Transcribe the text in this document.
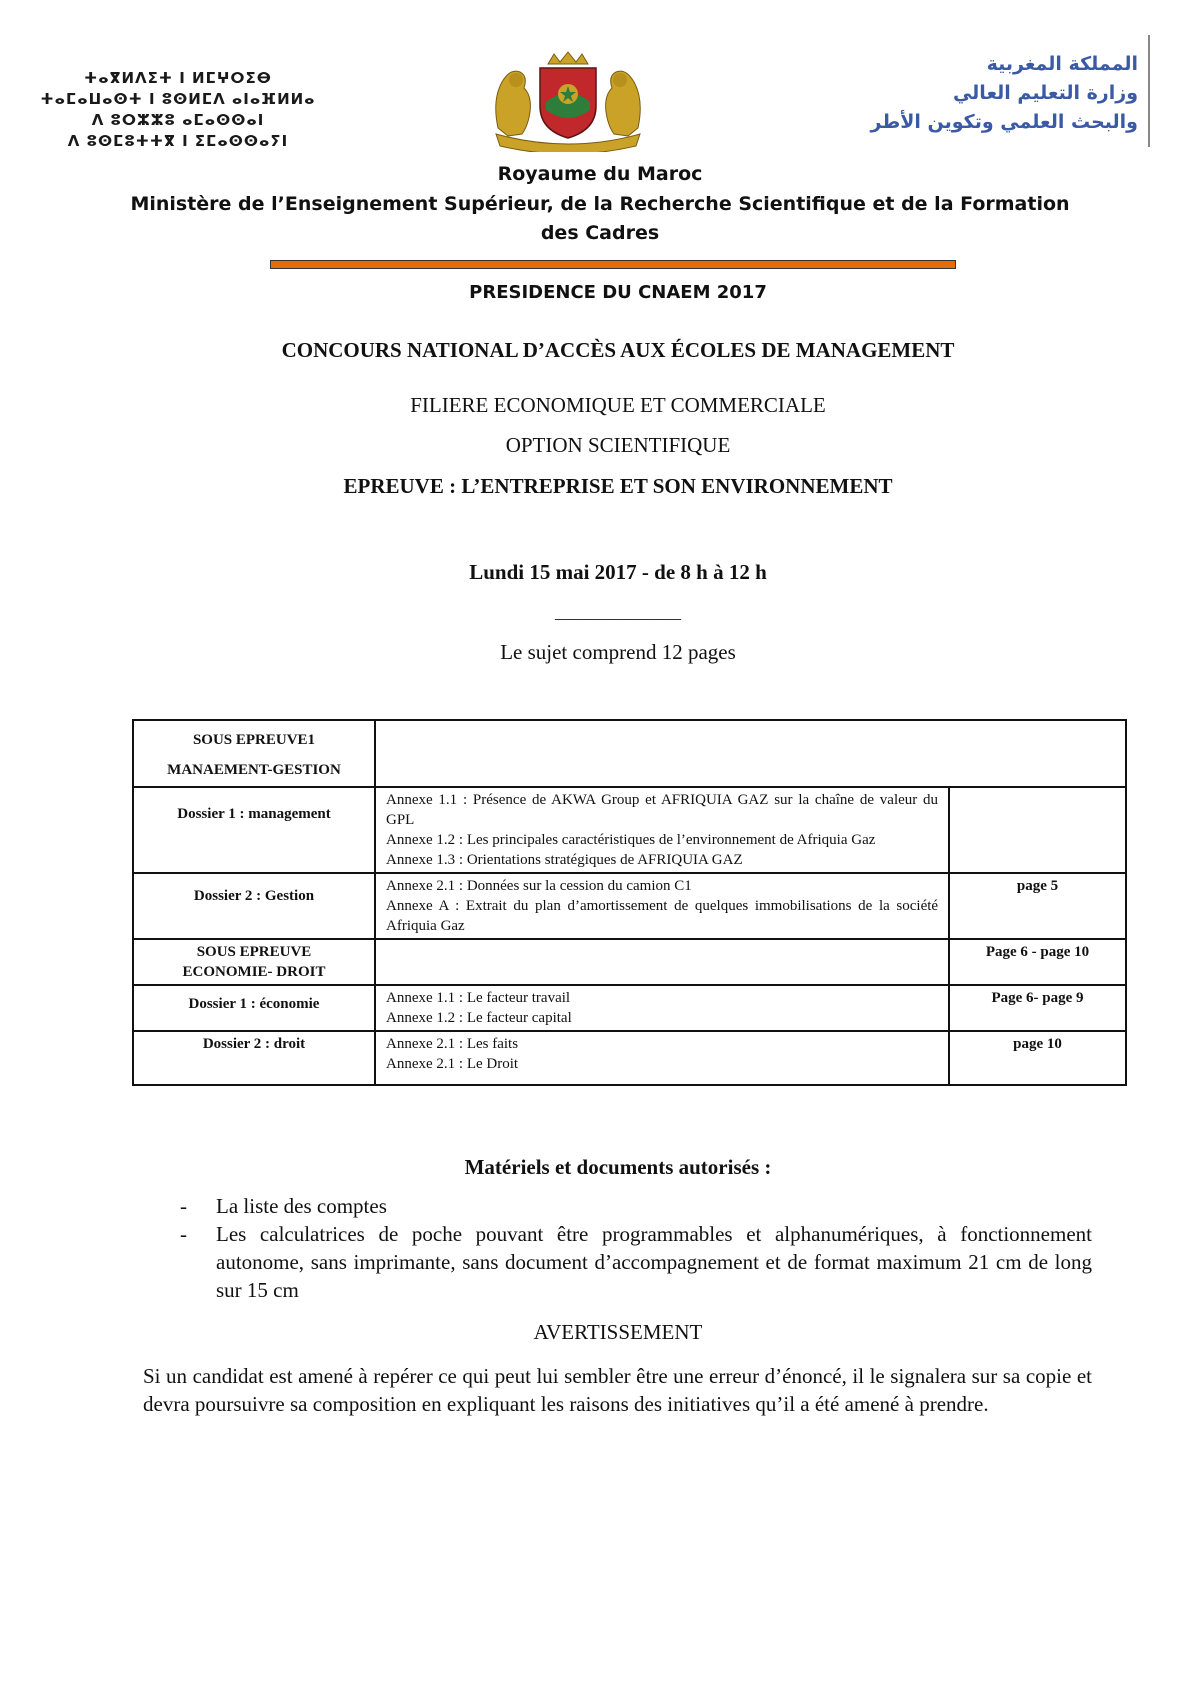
ⵜⴰⴳⵍⴷⵉⵜ ⵏ ⵍⵎⵖⵔⵉⴱ
ⵜⴰⵎⴰⵡⴰⵙⵜ ⵏ ⵓⵙⵍⵎⴷ ⴰⵏⴰⴼⵍⵍⴰ
ⴷ ⵓⵔⵣⵣⵓ ⴰⵎⴰⵙⵙⴰⵏ
ⴷ ⵓⵙⵎⵓⵜⵜⴳ ⵏ ⵉⵎⴰⵙⵙⴰⵢⵏ
المملكة المغربية
وزارة التعليم العالي
والبحث العلمي وتكوين الأطر
Royaume du Maroc
Ministère de l’Enseignement Supérieur, de la Recherche Scientifique et de la Formation des Cadres
PRESIDENCE DU CNAEM 2017
CONCOURS NATIONAL D’ACCÈS AUX ÉCOLES DE MANAGEMENT
FILIERE ECONOMIQUE ET COMMERCIALE
OPTION SCIENTIFIQUE
EPREUVE : L’ENTREPRISE ET SON ENVIRONNEMENT
Lundi 15 mai 2017 - de 8 h à 12 h
———————
Le sujet comprend 12 pages
SOUS EPREUVE1
MANAEMENT-GESTION		

Dossier 1 : management	Annexe 1.1 : Présence de AKWA Group et AFRIQUIA GAZ sur la chaîne de valeur du GPL
Annexe 1.2 : Les principales caractéristiques de l’environnement de Afriquia Gaz
Annexe 1.3 : Orientations stratégiques de AFRIQUIA GAZ	

Dossier 2 : Gestion	Annexe 2.1 : Données sur la cession du camion C1
Annexe A : Extrait du plan d’amortissement de quelques immobilisations de la société Afriquia Gaz	page 5

SOUS EPREUVE
ECONOMIE- DROIT		Page 6 - page 10

Dossier 1 : économie	Annexe 1.1 : Le facteur travail
Annexe 1.2 : Le facteur capital	Page 6- page 9

Dossier 2 : droit	Annexe 2.1 : Les faits
Annexe 2.1 : Le Droit	page 10
Matériels et documents autorisés :
- La liste des comptes
- Les calculatrices de poche pouvant être programmables et alphanumériques, à fonctionnement autonome, sans imprimante, sans document d’accompagnement et de format maximum 21 cm de long sur 15 cm
AVERTISSEMENT
Si un candidat est amené à repérer ce qui peut lui sembler être une erreur d’énoncé, il le signalera sur sa copie et devra poursuivre sa composition en expliquant les raisons des initiatives qu’il a été amené à prendre.
